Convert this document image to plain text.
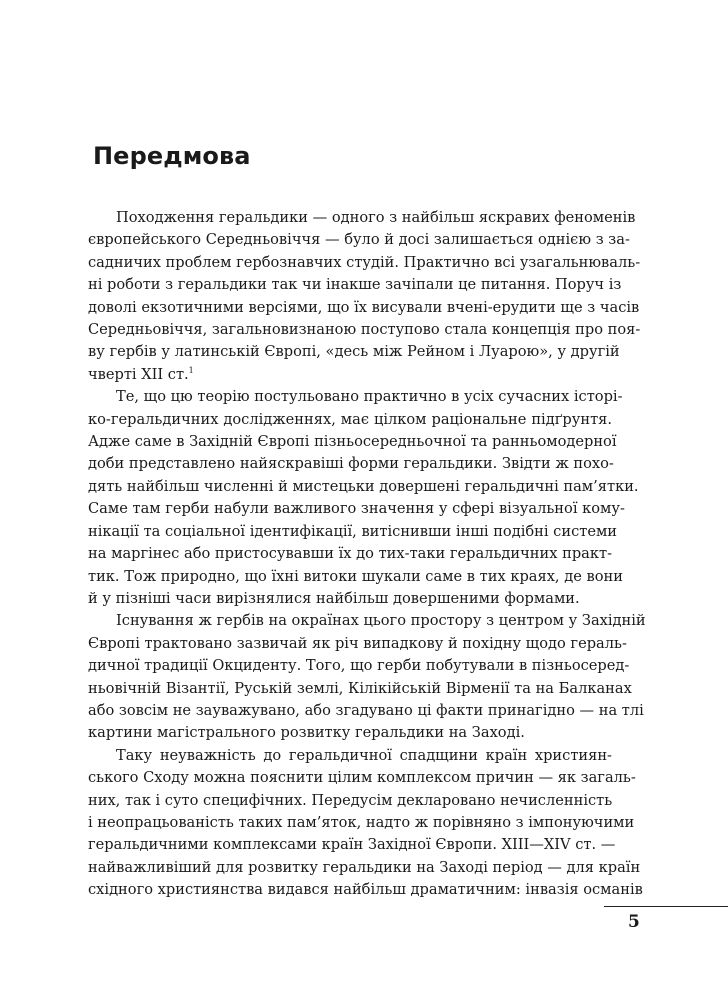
Передмова
Походження геральдики — одного з найбільш яскравих феноменів
європейського Середньовіччя — було й досі залишається однією з за-
садничих проблем гербознавчих студій. Практично всі узагальнюваль-
ні роботи з геральдики так чи інакше зачіпали це питання. Поруч із
доволі екзотичними версіями, що їх висували вчені-ерудити ще з часів
Середньовіччя, загальновизнаною поступово стала концепція про поя-
ву гербів у латинській Європі, «десь між Рейном і Луарою», у другій
чверті XII ст.$^1$
Те, що цю теорію постульовано практично в усіх сучасних історі-
ко-геральдичних дослідженнях, має цілком раціональне підґрунтя.
Адже саме в Західній Європі пізньосередньочної та ранньомодерної
доби представлено найяскравіші форми геральдики. Звідти ж похо-
дять найбільш численні й мистецьки довершені геральдичні пам’ятки.
Саме там герби набули важливого значення у сфері візуальної кому-
нікації та соціальної ідентифікації, витіснивши інші подібні системи
на маргінес або пристосувавши їх до тих-таки геральдичних практ-
тик. Тож природно, що їхні витоки шукали саме в тих краях, де вони
й у пізніші часи вирізнялися найбільш довершеними формами.
Існування ж гербів на окраїнах цього простору з центром у Західній
Європі трактовано зазвичай як річ випадкову й похідну щодо гераль-
дичної традиції Окциденту. Того, що герби побутували в пізньосеред-
ньовічній Візантії, Руській землі, Кілікійській Вірменії та на Балканах
або зовсім не зауважувано, або згадувано ці факти принагідно — на тлі
картини магістрального розвитку геральдики на Заході.
Таку неуважність до геральдичної спадщини країн християн-
ського Сходу можна пояснити цілим комплексом причин — як загаль-
них, так і суто специфічних. Передусім декларовано нечисленність
і неопрацьованість таких пам’яток, надто ж порівняно з імпонуючими
геральдичними комплексами країн Західної Європи. XIII—XIV ст. —
найважливіший для розвитку геральдики на Заході період — для країн
східного християнства видався найбільш драматичним: інвазія османів
5
